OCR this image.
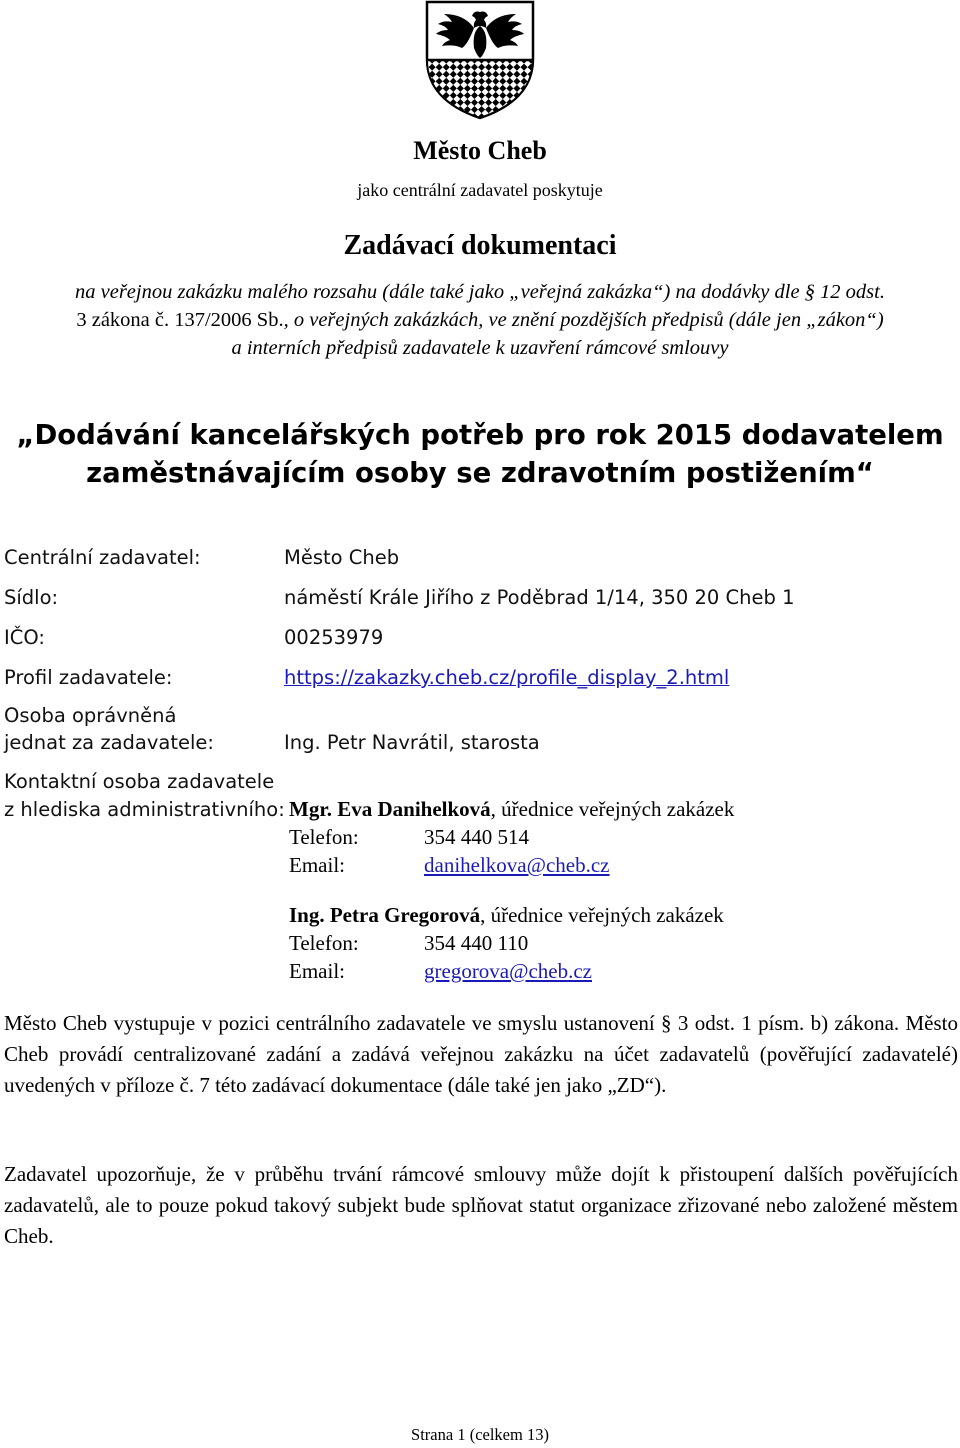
Město Cheb
jako centrální zadavatel poskytuje
Zadávací dokumentaci
na veřejnou zakázku malého rozsahu (dále také jako „veřejná zakázka“) na dodávky dle § 12 odst.
3 zákona č. 137/2006 Sb., o veřejných zakázkách, ve znění pozdějších předpisů (dále jen „zákon“)
a interních předpisů zadavatele k uzavření rámcové smlouvy
„Dodávání kancelářských potřeb pro rok 2015 dodavatelem
zaměstnávajícím osoby se zdravotním postižením“
Centrální zadavatel:	Město Cheb
Sídlo:	náměstí Krále Jiřího z Poděbrad 1/14, 350 20 Cheb 1
IČO:	00253979
Profil zadavatele:	https://zakazky.cheb.cz/profile_display_2.html
Osoba oprávněná
jednat za zadavatele:	Ing. Petr Navrátil, starosta
Kontaktní osoba zadavatele
z hlediska administrativního: Mgr. Eva Danihelková, úřednice veřejných zakázek
Telefon:	354 440 514
Email:	danihelkova@cheb.cz
Ing. Petra Gregorová, úřednice veřejných zakázek
Telefon:	354 440 110
Email:	gregorova@cheb.cz

Město Cheb vystupuje v pozici centrálního zadavatele ve smyslu ustanovení § 3 odst. 1 písm. b) zákona. Město Cheb provádí centralizované zadání a zadává veřejnou zakázku na účet zadavatelů (pověřující zadavatelé) uvedených v příloze č. 7 této zadávací dokumentace (dále také jen jako „ZD“).

Zadavatel upozorňuje, že v průběhu trvání rámcové smlouvy může dojít k přistoupení dalších pověřujících zadavatelů, ale to pouze pokud takový subjekt bude splňovat statut organizace zřizované nebo založené městem Cheb.

Strana 1 (celkem 13)
